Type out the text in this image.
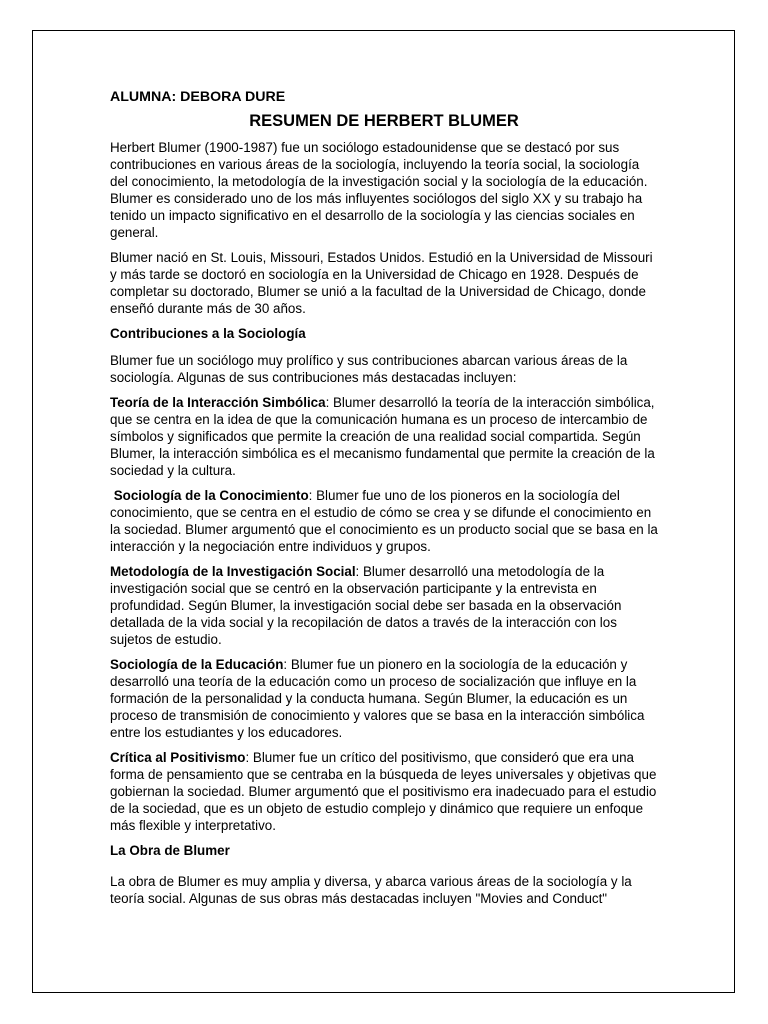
ALUMNA: DEBORA DURE
RESUMEN DE HERBERT BLUMER

Herbert Blumer (1900-1987) fue un sociólogo estadounidense que se destacó por sus contribuciones en various áreas de la sociología, incluyendo la teoría social, la sociología del conocimiento, la metodología de la investigación social y la sociología de la educación. Blumer es considerado uno de los más influyentes sociólogos del siglo XX y su trabajo ha tenido un impacto significativo en el desarrollo de la sociología y las ciencias sociales en general.

Blumer nació en St. Louis, Missouri, Estados Unidos. Estudió en la Universidad de Missouri y más tarde se doctoró en sociología en la Universidad de Chicago en 1928. Después de completar su doctorado, Blumer se unió a la facultad de la Universidad de Chicago, donde enseñó durante más de 30 años.

Contribuciones a la Sociología

Blumer fue un sociólogo muy prolífico y sus contribuciones abarcan various áreas de la sociología. Algunas de sus contribuciones más destacadas incluyen:

Teoría de la Interacción Simbólica: Blumer desarrolló la teoría de la interacción simbólica, que se centra en la idea de que la comunicación humana es un proceso de intercambio de símbolos y significados que permite la creación de una realidad social compartida. Según Blumer, la interacción simbólica es el mecanismo fundamental que permite la creación de la sociedad y la cultura.

Sociología de la Conocimiento: Blumer fue uno de los pioneros en la sociología del conocimiento, que se centra en el estudio de cómo se crea y se difunde el conocimiento en la sociedad. Blumer argumentó que el conocimiento es un producto social que se basa en la interacción y la negociación entre individuos y grupos.

Metodología de la Investigación Social: Blumer desarrolló una metodología de la investigación social que se centró en la observación participante y la entrevista en profundidad. Según Blumer, la investigación social debe ser basada en la observación detallada de la vida social y la recopilación de datos a través de la interacción con los sujetos de estudio.

Sociología de la Educación: Blumer fue un pionero en la sociología de la educación y desarrolló una teoría de la educación como un proceso de socialización que influye en la formación de la personalidad y la conducta humana. Según Blumer, la educación es un proceso de transmisión de conocimiento y valores que se basa en la interacción simbólica entre los estudiantes y los educadores.

Crítica al Positivismo: Blumer fue un crítico del positivismo, que consideró que era una forma de pensamiento que se centraba en la búsqueda de leyes universales y objetivas que gobiernan la sociedad. Blumer argumentó que el positivismo era inadecuado para el estudio de la sociedad, que es un objeto de estudio complejo y dinámico que requiere un enfoque más flexible y interpretativo.

La Obra de Blumer

La obra de Blumer es muy amplia y diversa, y abarca various áreas de la sociología y la teoría social. Algunas de sus obras más destacadas incluyen "Movies and Conduct"
